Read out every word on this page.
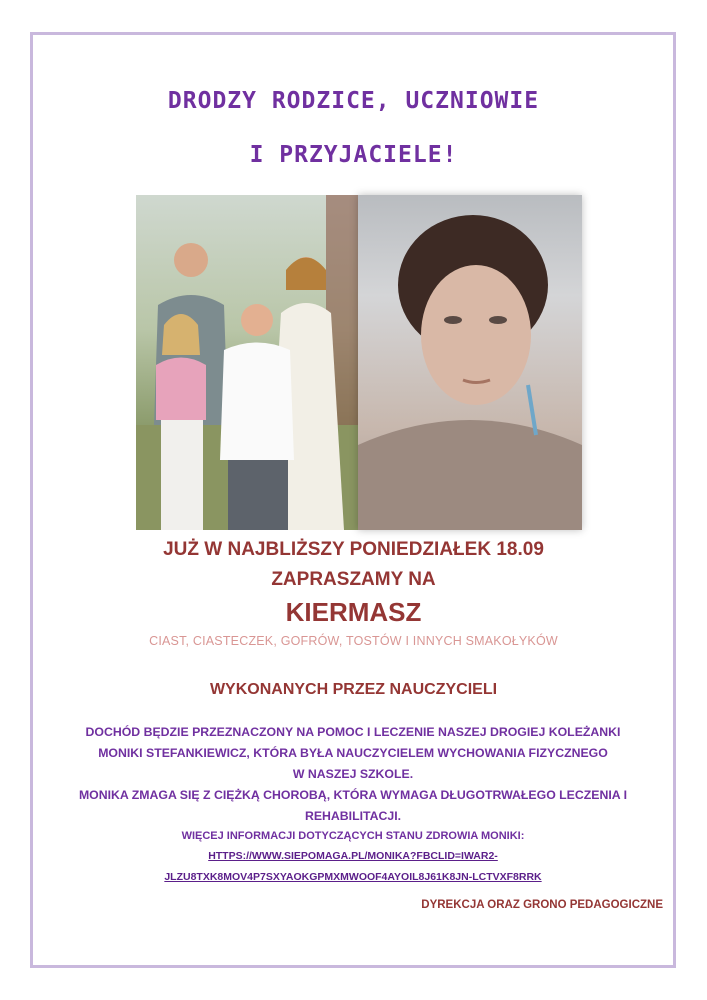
DRODZY RODZICE, UCZNIOWIE
I PRZYJACIELE!
JUŻ W NAJBLIŻSZY PONIEDZIAŁEK 18.09
ZAPRASZAMY NA
KIERMASZ
CIAST, CIASTECZEK, GOFRÓW, TOSTÓW I INNYCH SMAKOŁYKÓW
WYKONANYCH PRZEZ NAUCZYCIELI
DOCHÓD BĘDZIE PRZEZNACZONY NA POMOC I LECZENIE NASZEJ DROGIEJ KOLEŻANKI
MONIKI STEFANKIEWICZ, KTÓRA BYŁA NAUCZYCIELEM WYCHOWANIA FIZYCZNEGO
W NASZEJ SZKOLE.
MONIKA ZMAGA SIĘ Z CIĘŻKĄ CHOROBĄ, KTÓRA WYMAGA DŁUGOTRWAŁEGO LECZENIA I
REHABILITACJI.
WIĘCEJ INFORMACJI DOTYCZĄCYCH STANU ZDROWIA MONIKI:
HTTPS://WWW.SIEPOMAGA.PL/MONIKA?FBCLID=IWAR2-
JLZU8TXK8MOV4P7SXYAOKGPMXMWOOF4AYOIL8J61K8JN-LCTVXF8RRK
DYREKCJA ORAZ GRONO PEDAGOGICZNE
